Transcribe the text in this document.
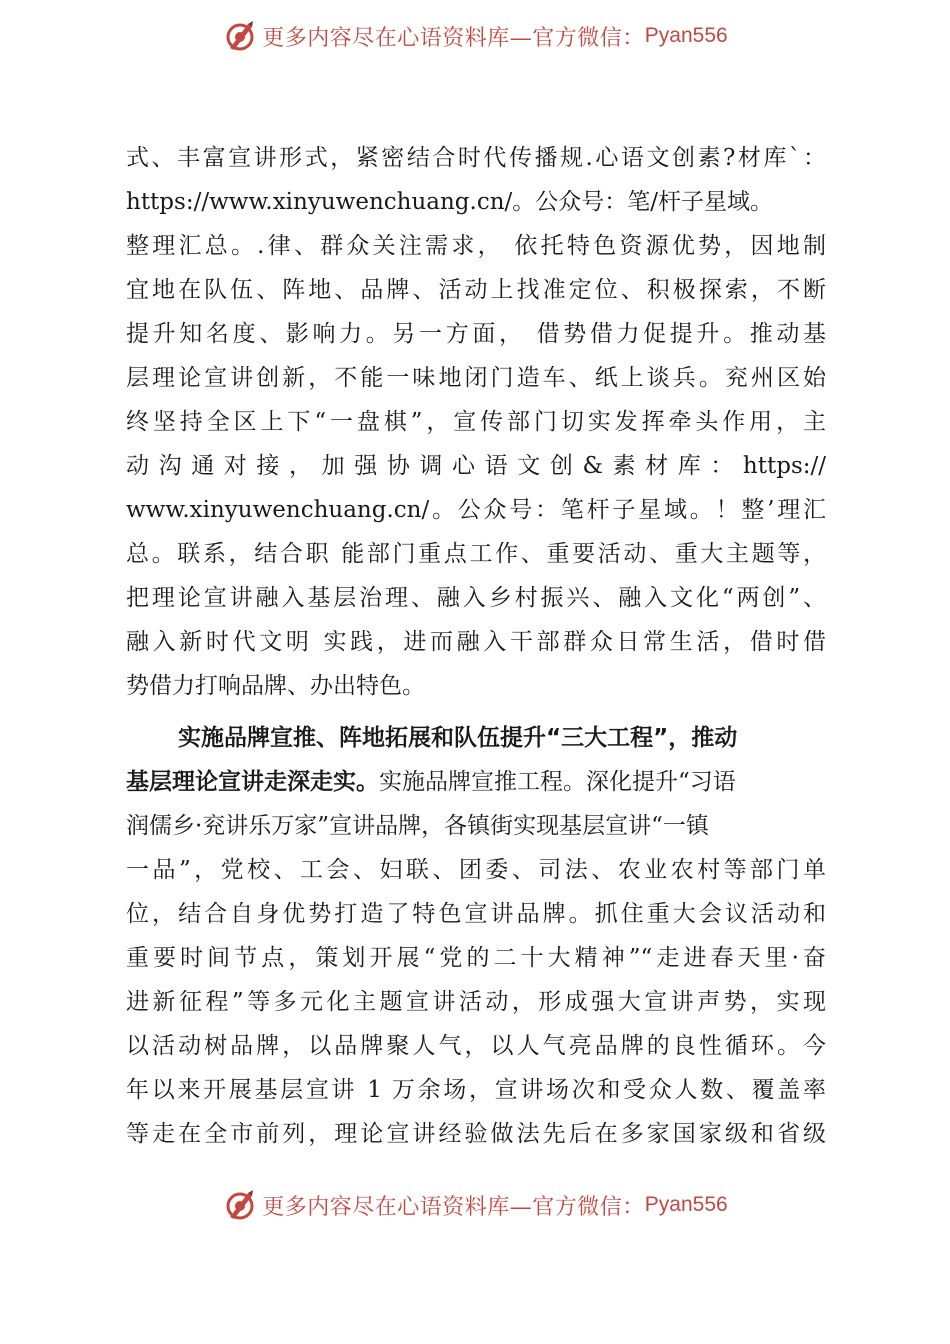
更多内容尽在心语资料库—官方微信： Pyan556
式、丰富宣讲形式，紧密结合时代传播规.心语文创素?材库`：
https://www.xinyuwenchuang.cn/。公众号：笔/杆子星域。
整理汇总。.律、群众关注需求， 依托特色资源优势，因地制
宜地在队伍、阵地、品牌、活动上找准定位、积极探索，不断
提升知名度、影响力。另一方面， 借势借力促提升。推动基
层理论宣讲创新，不能一味地闭门造车、纸上谈兵。兖州区始
终坚持全区上下“一盘棋”，宣传部门切实发挥牵头作用，主
动沟通对接，加强协调心语文创&素材库：https://
www.xinyuwenchuang.cn/。公众号：笔杆子星域。！整’理汇
总。联系，结合职 能部门重点工作、重要活动、重大主题等，
把理论宣讲融入基层治理、融入乡村振兴、融入文化“两创”、
融入新时代文明 实践，进而融入干部群众日常生活，借时借
势借力打响品牌、办出特色。
实施品牌宣推、阵地拓展和队伍提升“三大工程”，推动
基层理论宣讲走深走实。实施品牌宣推工程。深化提升“习语
润儒乡·兖讲乐万家”宣讲品牌，各镇街实现基层宣讲“一镇
一品”，党校、工会、妇联、团委、司法、农业农村等部门单
位，结合自身优势打造了特色宣讲品牌。抓住重大会议活动和
重要时间节点，策划开展“党的二十大精神”“走进春天里·奋
进新征程”等多元化主题宣讲活动，形成强大宣讲声势，实现
以活动树品牌，以品牌聚人气，以人气亮品牌的良性循环。今
年以来开展基层宣讲 1 万余场，宣讲场次和受众人数、覆盖率
等走在全市前列，理论宣讲经验做法先后在多家国家级和省级
更多内容尽在心语资料库—官方微信： Pyan556
